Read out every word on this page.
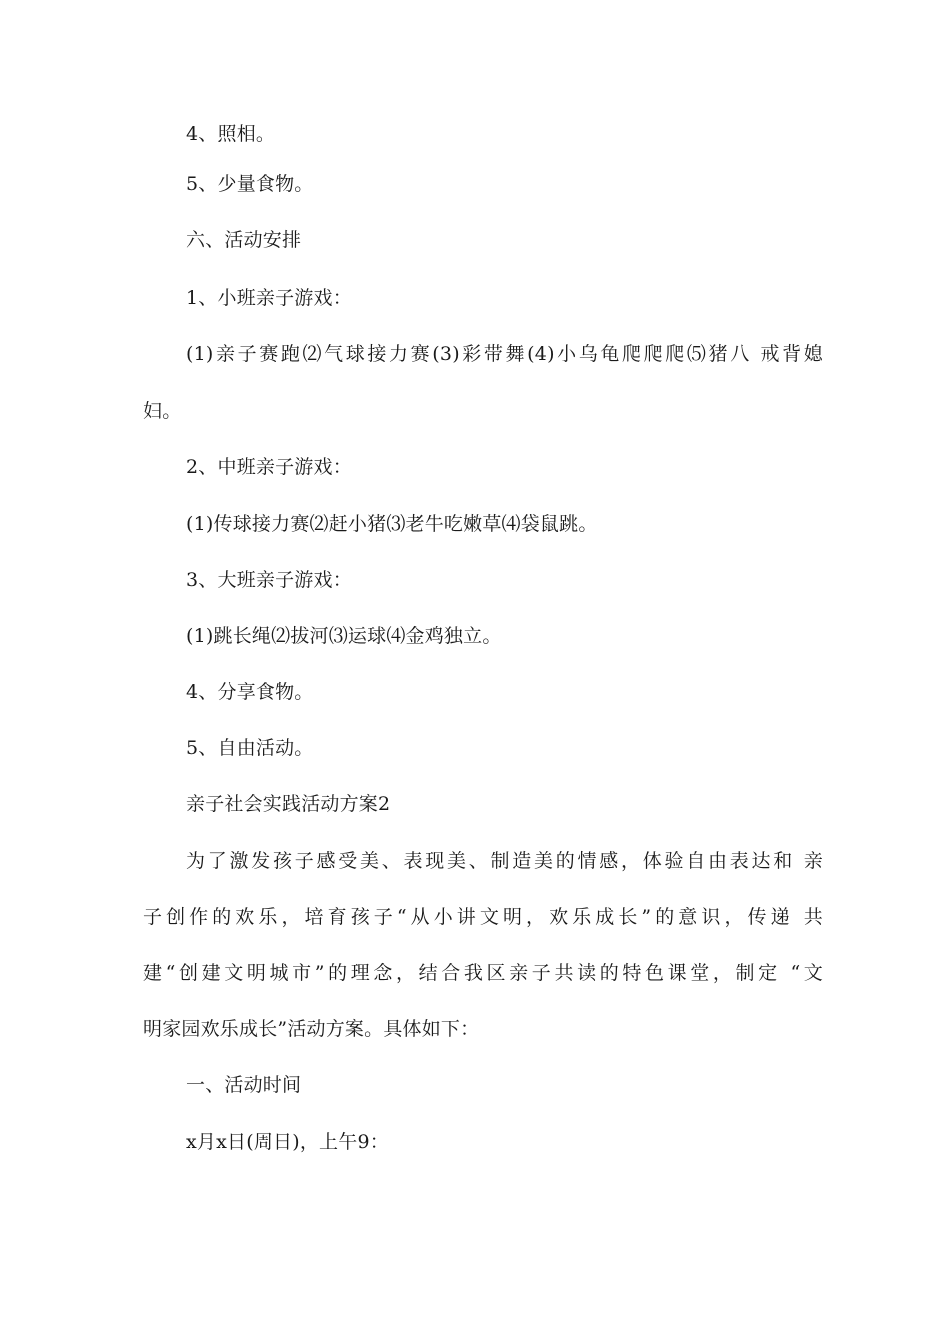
4、照相。
5、少量食物。
六、活动安排
1、小班亲子游戏：
(1)亲子赛跑⑵气球接力赛(3)彩带舞(4)小乌龟爬爬爬⑸猪八 戒背媳
妇。
2、中班亲子游戏：
(1)传球接力赛⑵赶小猪⑶老牛吃嫩草⑷袋鼠跳。
3、大班亲子游戏：
(1)跳长绳⑵拔河⑶运球⑷金鸡独立。
4、分享食物。
5、自由活动。
亲子社会实践活动方案2
为了激发孩子感受美、表现美、制造美的情感，体验自由表达和 亲
子创作的欢乐，培育孩子“从小讲文明，欢乐成长”的意识，传递 共
建“创建文明城市”的理念，结合我区亲子共读的特色课堂，制定 “文
明家园欢乐成长”活动方案。具体如下：
一、活动时间
x月x日(周日)，上午9：
